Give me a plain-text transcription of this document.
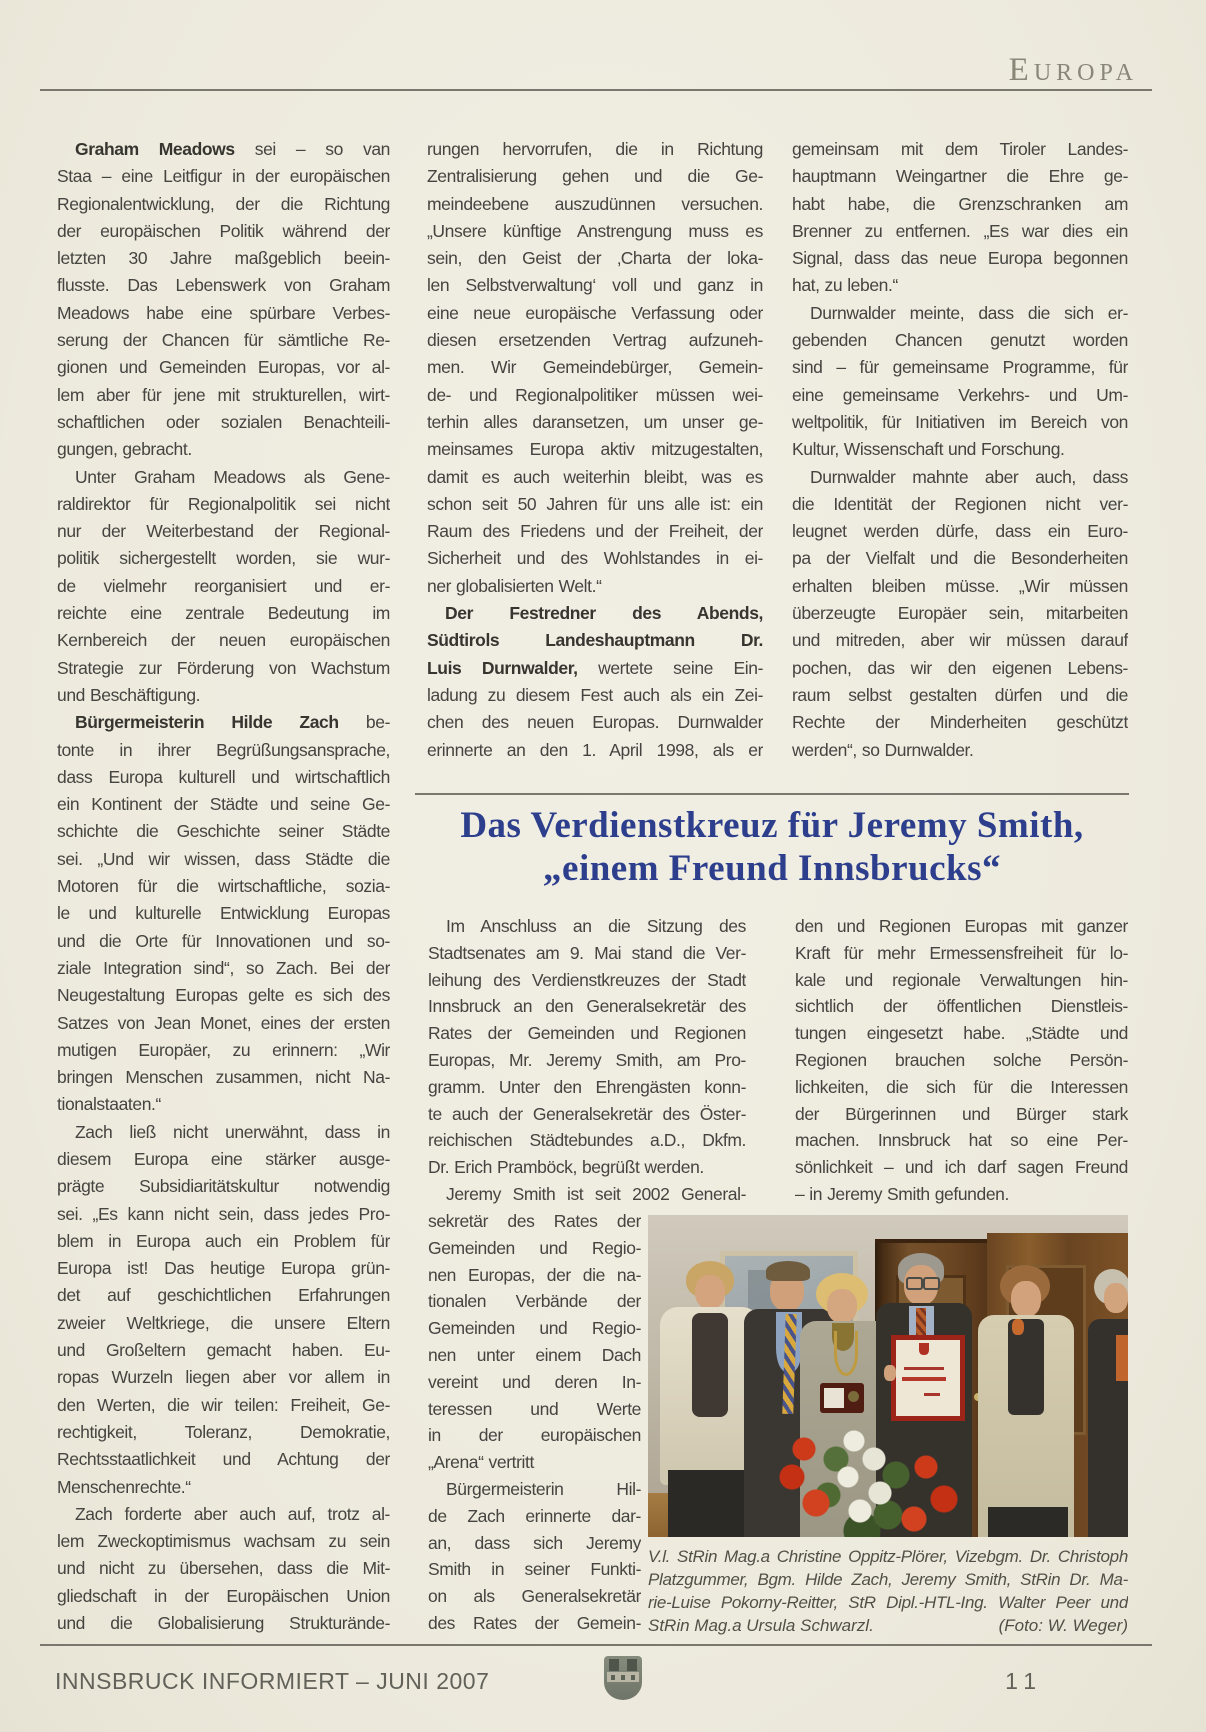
EUROPA
Graham Meadows sei – so van
Staa – eine Leitfigur in der europäischen
Regionalentwicklung, der die Richtung
der europäischen Politik während der
letzten 30 Jahre maßgeblich beein-
flusste. Das Lebenswerk von Graham
Meadows habe eine spürbare Verbes-
serung der Chancen für sämtliche Re-
gionen und Gemeinden Europas, vor al-
lem aber für jene mit strukturellen, wirt-
schaftlichen oder sozialen Benachteili-
gungen, gebracht.
Unter Graham Meadows als Gene-
raldirektor für Regionalpolitik sei nicht
nur der Weiterbestand der Regional-
politik sichergestellt worden, sie wur-
de vielmehr reorganisiert und er-
reichte eine zentrale Bedeutung im
Kernbereich der neuen europäischen
Strategie zur Förderung von Wachstum
und Beschäftigung.
Bürgermeisterin Hilde Zach be-
tonte in ihrer Begrüßungsansprache,
dass Europa kulturell und wirtschaftlich
ein Kontinent der Städte und seine Ge-
schichte die Geschichte seiner Städte
sei. „Und wir wissen, dass Städte die
Motoren für die wirtschaftliche, sozia-
le und kulturelle Entwicklung Europas
und die Orte für Innovationen und so-
ziale Integration sind“, so Zach. Bei der
Neugestaltung Europas gelte es sich des
Satzes von Jean Monet, eines der ersten
mutigen Europäer, zu erinnern: „Wir
bringen Menschen zusammen, nicht Na-
tionalstaaten.“
Zach ließ nicht unerwähnt, dass in
diesem Europa eine stärker ausge-
prägte Subsidiaritätskultur notwendig
sei. „Es kann nicht sein, dass jedes Pro-
blem in Europa auch ein Problem für
Europa ist! Das heutige Europa grün-
det auf geschichtlichen Erfahrungen
zweier Weltkriege, die unsere Eltern
und Großeltern gemacht haben. Eu-
ropas Wurzeln liegen aber vor allem in
den Werten, die wir teilen: Freiheit, Ge-
rechtigkeit, Toleranz, Demokratie,
Rechtsstaatlichkeit und Achtung der
Menschenrechte.“
Zach forderte aber auch auf, trotz al-
lem Zweckoptimismus wachsam zu sein
und nicht zu übersehen, dass die Mit-
gliedschaft in der Europäischen Union
und die Globalisierung Strukturände-
rungen hervorrufen, die in Richtung
Zentralisierung gehen und die Ge-
meindeebene auszudünnen versuchen.
„Unsere künftige Anstrengung muss es
sein, den Geist der ‚Charta der loka-
len Selbstverwaltung‘ voll und ganz in
eine neue europäische Verfassung oder
diesen ersetzenden Vertrag aufzuneh-
men. Wir Gemeindebürger, Gemein-
de- und Regionalpolitiker müssen wei-
terhin alles daransetzen, um unser ge-
meinsames Europa aktiv mitzugestalten,
damit es auch weiterhin bleibt, was es
schon seit 50 Jahren für uns alle ist: ein
Raum des Friedens und der Freiheit, der
Sicherheit und des Wohlstandes in ei-
ner globalisierten Welt.“
Der Festredner des Abends,
Südtirols Landeshauptmann Dr.
Luis Durnwalder, wertete seine Ein-
ladung zu diesem Fest auch als ein Zei-
chen des neuen Europas. Durnwalder
erinnerte an den 1. April 1998, als er
gemeinsam mit dem Tiroler Landes-
hauptmann Weingartner die Ehre ge-
habt habe, die Grenzschranken am
Brenner zu entfernen. „Es war dies ein
Signal, dass das neue Europa begonnen
hat, zu leben.“
Durnwalder meinte, dass die sich er-
gebenden Chancen genutzt worden
sind – für gemeinsame Programme, für
eine gemeinsame Verkehrs- und Um-
weltpolitik, für Initiativen im Bereich von
Kultur, Wissenschaft und Forschung.
Durnwalder mahnte aber auch, dass
die Identität der Regionen nicht ver-
leugnet werden dürfe, dass ein Euro-
pa der Vielfalt und die Besonderheiten
erhalten bleiben müsse. „Wir müssen
überzeugte Europäer sein, mitarbeiten
und mitreden, aber wir müssen darauf
pochen, das wir den eigenen Lebens-
raum selbst gestalten dürfen und die
Rechte der Minderheiten geschützt
werden“, so Durnwalder.
Das Verdienstkreuz für Jeremy Smith,
„einem Freund Innsbrucks“
Im Anschluss an die Sitzung des
Stadtsenates am 9. Mai stand die Ver-
leihung des Verdienstkreuzes der Stadt
Innsbruck an den Generalsekretär des
Rates der Gemeinden und Regionen
Europas, Mr. Jeremy Smith, am Pro-
gramm. Unter den Ehrengästen konn-
te auch der Generalsekretär des Öster-
reichischen Städtebundes a.D., Dkfm.
Dr. Erich Pramböck, begrüßt werden.
Jeremy Smith ist seit 2002 General-
sekretär des Rates der
Gemeinden und Regio-
nen Europas, der die na-
tionalen Verbände der
Gemeinden und Regio-
nen unter einem Dach
vereint und deren In-
teressen und Werte
in der europäischen
„Arena“ vertritt
Bürgermeisterin Hil-
de Zach erinnerte dar-
an, dass sich Jeremy
Smith in seiner Funkti-
on als Generalsekretär
des Rates der Gemein-
den und Regionen Europas mit ganzer
Kraft für mehr Ermessensfreiheit für lo-
kale und regionale Verwaltungen hin-
sichtlich der öffentlichen Dienstleis-
tungen eingesetzt habe. „Städte und
Regionen brauchen solche Persön-
lichkeiten, die sich für die Interessen
der Bürgerinnen und Bürger stark
machen. Innsbruck hat so eine Per-
sönlichkeit – und ich darf sagen Freund
– in Jeremy Smith gefunden.
V.l. StRin Mag.a Christine Oppitz-Plörer, Vizebgm. Dr. Christoph
Platzgummer, Bgm. Hilde Zach, Jeremy Smith, StRin Dr. Ma-
rie-Luise Pokorny-Reitter, StR Dipl.-HTL-Ing. Walter Peer und
StRin Mag.a Ursula Schwarzl.	(Foto: W. Weger)
INNSBRUCK INFORMIERT – JUNI 2007	11
